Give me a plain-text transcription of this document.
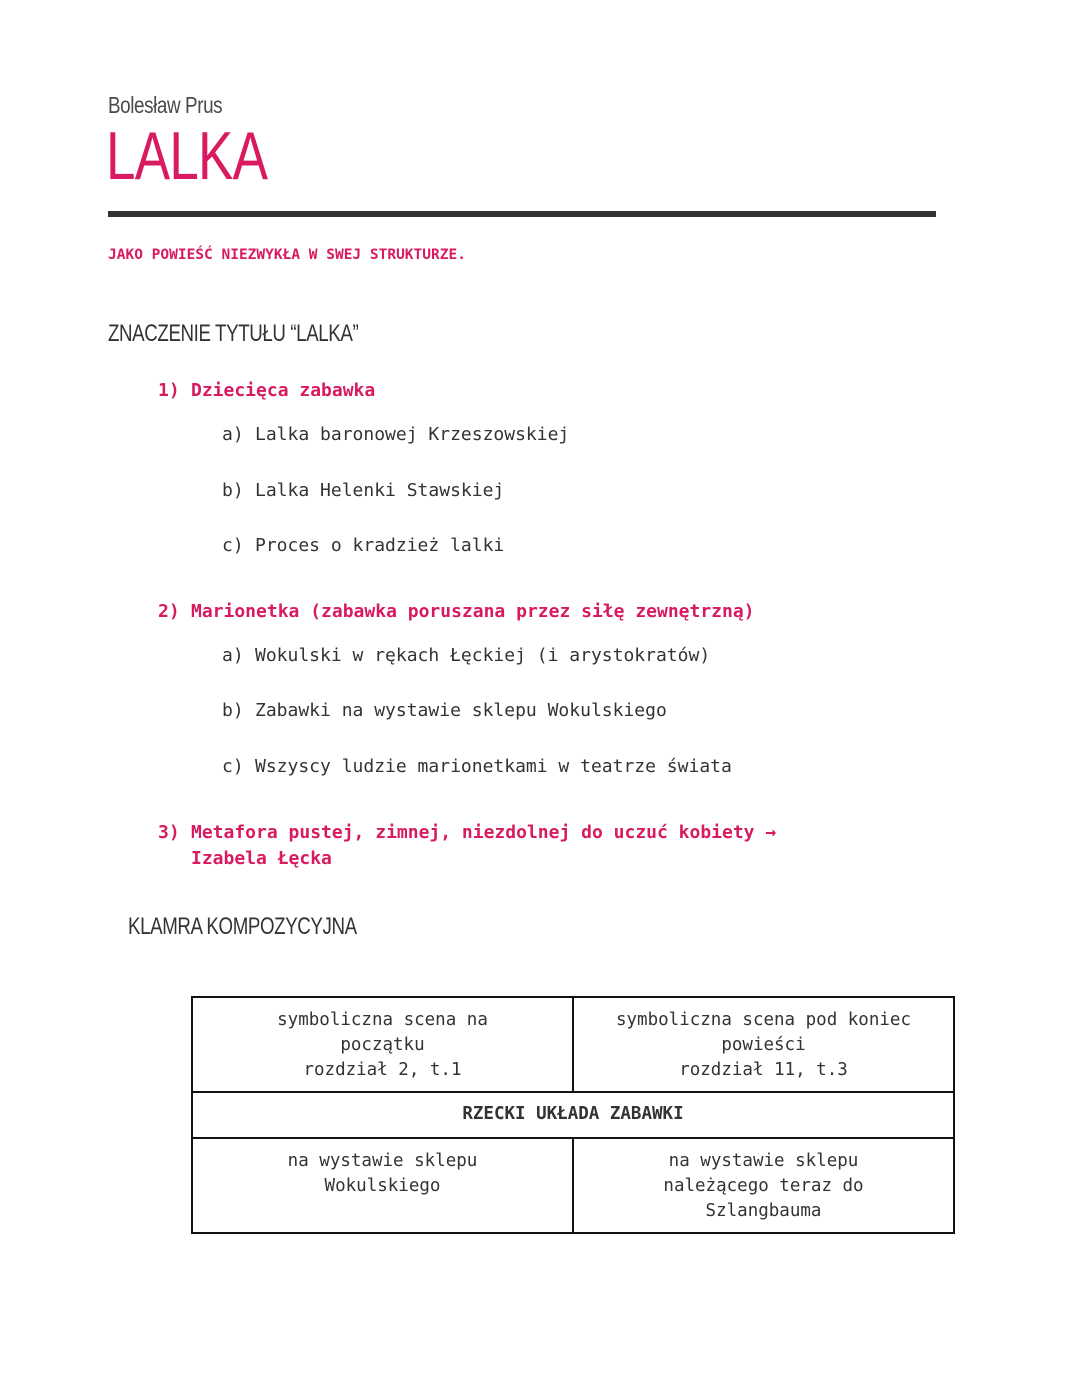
Bolesław Prus
LALKA
JAKO POWIEŚĆ NIEZWYKŁA W SWEJ STRUKTURZE.
ZNACZENIE TYTUŁU “LALKA”
1) Dziecięca zabawka
a) Lalka baronowej Krzeszowskiej
b) Lalka Helenki Stawskiej
c) Proces o kradzież lalki
2) Marionetka (zabawka poruszana przez siłę zewnętrzną)
a) Wokulski w rękach Łęckiej (i arystokratów)
b) Zabawki na wystawie sklepu Wokulskiego
c) Wszyscy ludzie marionetkami w teatrze świata
3) Metafora pustej, zimnej, niezdolnej do uczuć kobiety →
Izabela Łęcka
KLAMRA KOMPOZYCYJNA
symboliczna scena na
początku
rozdział 2, t.1	symboliczna scena pod koniec
powieści
rozdział 11, t.3

RZECKI UKŁADA ZABAWKI	

na wystawie sklepu
Wokulskiego	na wystawie sklepu
należącego teraz do
Szlangbauma
